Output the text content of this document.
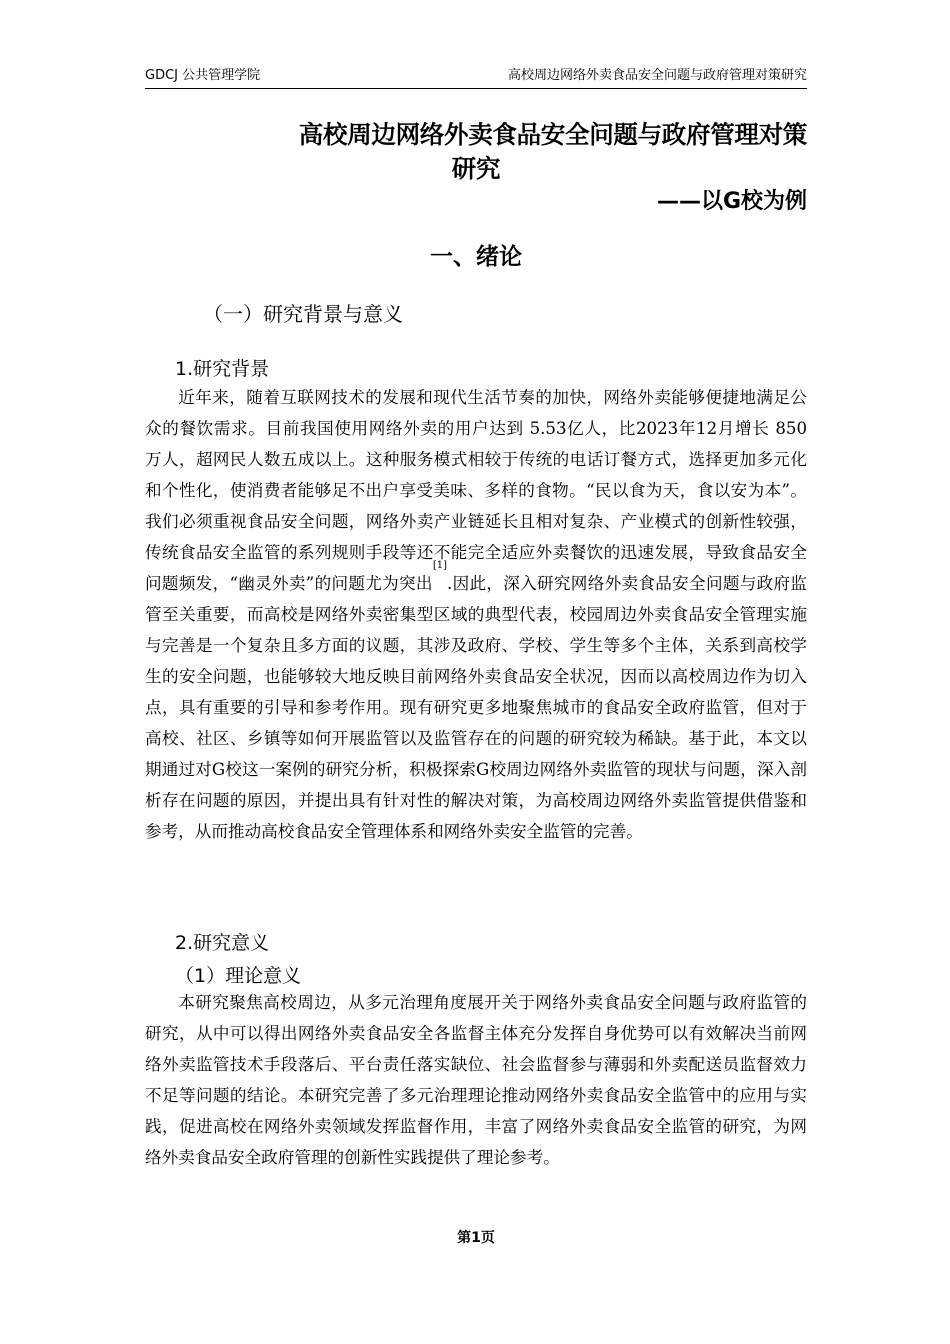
GDCJ 公共管理学院	高校周边网络外卖食品安全问题与政府管理对策研究
高校周边网络外卖食品安全问题与政府管理对策
研究
——以G校为例
一、绪论
（一）研究背景与意义
1.研究背景

近年来，随着互联网技术的发展和现代生活节奏的加快，网络外卖能够便捷地满足公众的餐饮需求。目前我国使用网络外卖的用户达到 5.53亿人，比2023年12月增长 850 万人，超网民人数五成以上。这种服务模式相较于传统的电话订餐方式，选择更加多元化和个性化，使消费者能够足不出户享受美味、多样的食物。“民以食为天，食以安为本”。我们必须重视食品安全问题，网络外卖产业链延长且相对复杂、产业模式的创新性较强，传统食品安全监管的系列规则手段等还不能完全适应外卖餐饮的迅速发展，导致食品安全问题频发，“幽灵外卖”的问题尤为突出[1].因此，深入研究网络外卖食品安全问题与政府监管至关重要，而高校是网络外卖密集型区域的典型代表，校园周边外卖食品安全管理实施与完善是一个复杂且多方面的议题，其涉及政府、学校、学生等多个主体，关系到高校学生的安全问题，也能够较大地反映目前网络外卖食品安全状况，因而以高校周边作为切入点，具有重要的引导和参考作用。现有研究更多地聚焦城市的食品安全政府监管，但对于高校、社区、乡镇等如何开展监管以及监管存在的问题的研究较为稀缺。基于此，本文以期通过对G校这一案例的研究分析，积极探索G校周边网络外卖监管的现状与问题，深入剖析存在问题的原因，并提出具有针对性的解决对策，为高校周边网络外卖监管提供借鉴和参考，从而推动高校食品安全管理体系和网络外卖安全监管的完善。

2.研究意义
（1）理论意义

本研究聚焦高校周边，从多元治理角度展开关于网络外卖食品安全问题与政府监管的研究，从中可以得出网络外卖食品安全各监督主体充分发挥自身优势可以有效解决当前网络外卖监管技术手段落后、平台责任落实缺位、社会监督参与薄弱和外卖配送员监督效力不足等问题的结论。本研究完善了多元治理理论推动网络外卖食品安全监管中的应用与实践，促进高校在网络外卖领域发挥监督作用，丰富了网络外卖食品安全监管的研究，为网络外卖食品安全政府管理的创新性实践提供了理论参考。

第1页
